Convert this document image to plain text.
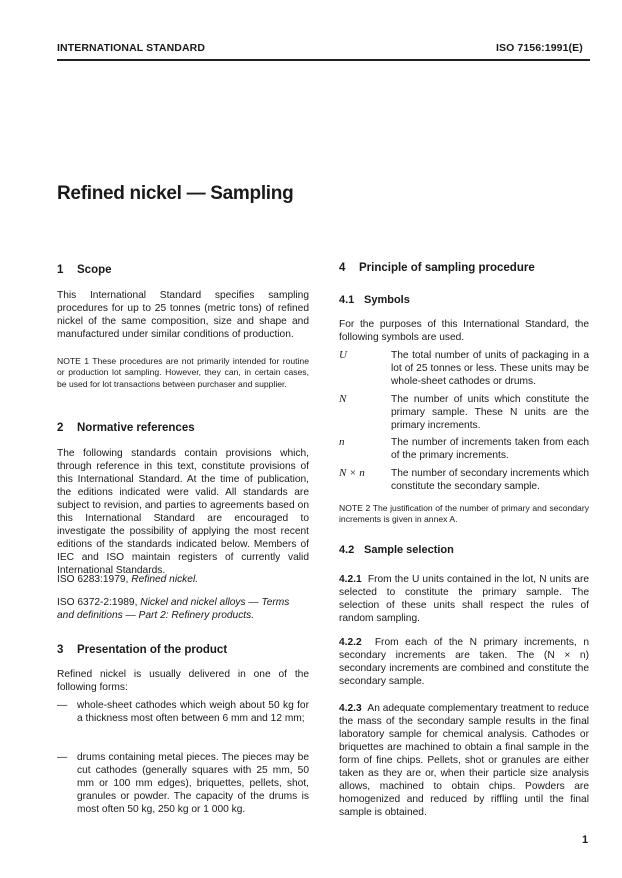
INTERNATIONAL STANDARD	ISO 7156:1991(E)
Refined nickel — Sampling
1 Scope
This International Standard specifies sampling procedures for up to 25 tonnes (metric tons) of refined nickel of the same composition, size and shape and manufactured under similar conditions of production.
NOTE 1 These procedures are not primarily intended for routine or production lot sampling. However, they can, in certain cases, be used for lot transactions between purchaser and supplier.
2 Normative references
The following standards contain provisions which, through reference in this text, constitute provisions of this International Standard. At the time of publication, the editions indicated were valid. All standards are subject to revision, and parties to agreements based on this International Standard are encouraged to investigate the possibility of applying the most recent editions of the standards indicated below. Members of IEC and ISO maintain registers of currently valid International Standards.
ISO 6283:1979, Refined nickel.
ISO 6372-2:1989, Nickel and nickel alloys — Terms and definitions — Part 2: Refinery products.
3 Presentation of the product
Refined nickel is usually delivered in one of the following forms:
— whole-sheet cathodes which weigh about 50 kg for a thickness most often between 6 mm and 12 mm;
— drums containing metal pieces. The pieces may be cut cathodes (generally squares with 25 mm, 50 mm or 100 mm edges), briquettes, pellets, shot, granules or powder. The capacity of the drums is most often 50 kg, 250 kg or 1 000 kg.
4 Principle of sampling procedure
4.1 Symbols
For the purposes of this International Standard, the following symbols are used.
U	The total number of units of packaging in a lot of 25 tonnes or less. These units may be whole-sheet cathodes or drums.
N	The number of units which constitute the primary sample. These N units are the primary increments.
n	The number of increments taken from each of the primary increments.
N × n	The number of secondary increments which constitute the secondary sample.
NOTE 2 The justification of the number of primary and secondary increments is given in annex A.
4.2 Sample selection
4.2.1 From the U units contained in the lot, N units are selected to constitute the primary sample. The selection of these units shall respect the rules of random sampling.
4.2.2 From each of the N primary increments, n secondary increments are taken. The (N × n) secondary increments are combined and constitute the secondary sample.
4.2.3 An adequate complementary treatment to reduce the mass of the secondary sample results in the final laboratory sample for chemical analysis. Cathodes or briquettes are machined to obtain a final sample in the form of fine chips. Pellets, shot or granules are either taken as they are or, when their particle size analysis allows, machined to obtain chips. Powders are homogenized and reduced by riffling until the final sample is obtained.
1
